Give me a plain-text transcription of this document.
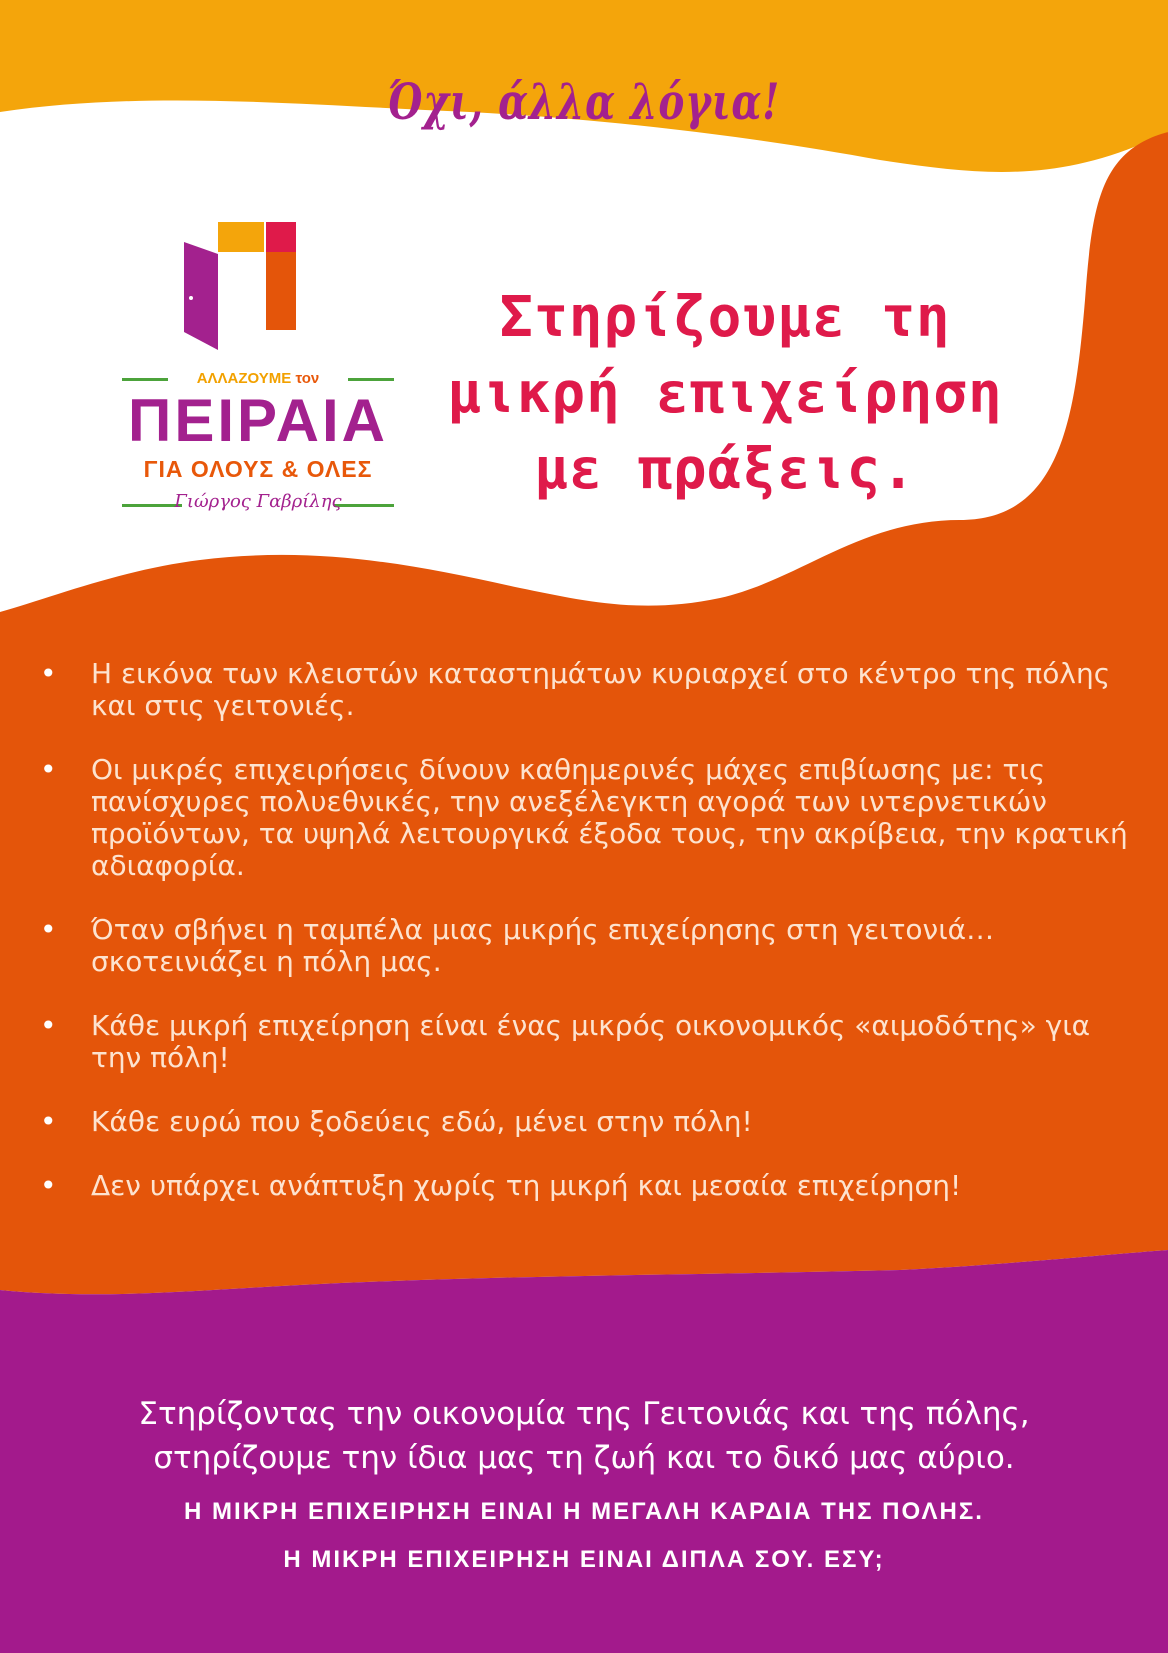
Όχι, άλλα λόγια!
ΑΛΛΑΖΟΥΜΕ τον
ΠΕΙΡΑΙΑ
ΓΙΑ ΟΛΟΥΣ & ΟΛΕΣ
Γιώργος Γαβρίλης
Στηρίζουμε τη
μικρή επιχείρηση
με πράξεις.
• Η εικόνα των κλειστών καταστημάτων κυριαρχεί στο κέντρο της πόλης και στις γειτονιές.
• Οι μικρές επιχειρήσεις δίνουν καθημερινές μάχες επιβίωσης με: τις πανίσχυρες πολυεθνικές, την ανεξέλεγκτη αγορά των ιντερνετικών προϊόντων, τα υψηλά λειτουργικά έξοδα τους, την ακρίβεια, την κρατική αδιαφορία.
• Όταν σβήνει η ταμπέλα μιας μικρής επιχείρησης στη γειτονιά…σκοτεινιάζει η πόλη μας.
• Κάθε μικρή επιχείρηση είναι ένας μικρός οικονομικός «αιμοδότης» για την πόλη!
• Κάθε ευρώ που ξοδεύεις εδώ, μένει στην πόλη!
• Δεν υπάρχει ανάπτυξη χωρίς τη μικρή και μεσαία επιχείρηση!
Στηρίζοντας την οικονομία της Γειτονιάς και της πόλης,
στηρίζουμε την ίδια μας τη ζωή και το δικό μας αύριο.
Η ΜΙΚΡΗ ΕΠΙΧΕΙΡΗΣΗ ΕΙΝΑΙ Η ΜΕΓΑΛΗ ΚΑΡΔΙΑ ΤΗΣ ΠΟΛΗΣ.
Η ΜΙΚΡΗ ΕΠΙΧΕΙΡΗΣΗ ΕΙΝΑΙ ΔΙΠΛΑ ΣΟΥ. ΕΣΥ;
